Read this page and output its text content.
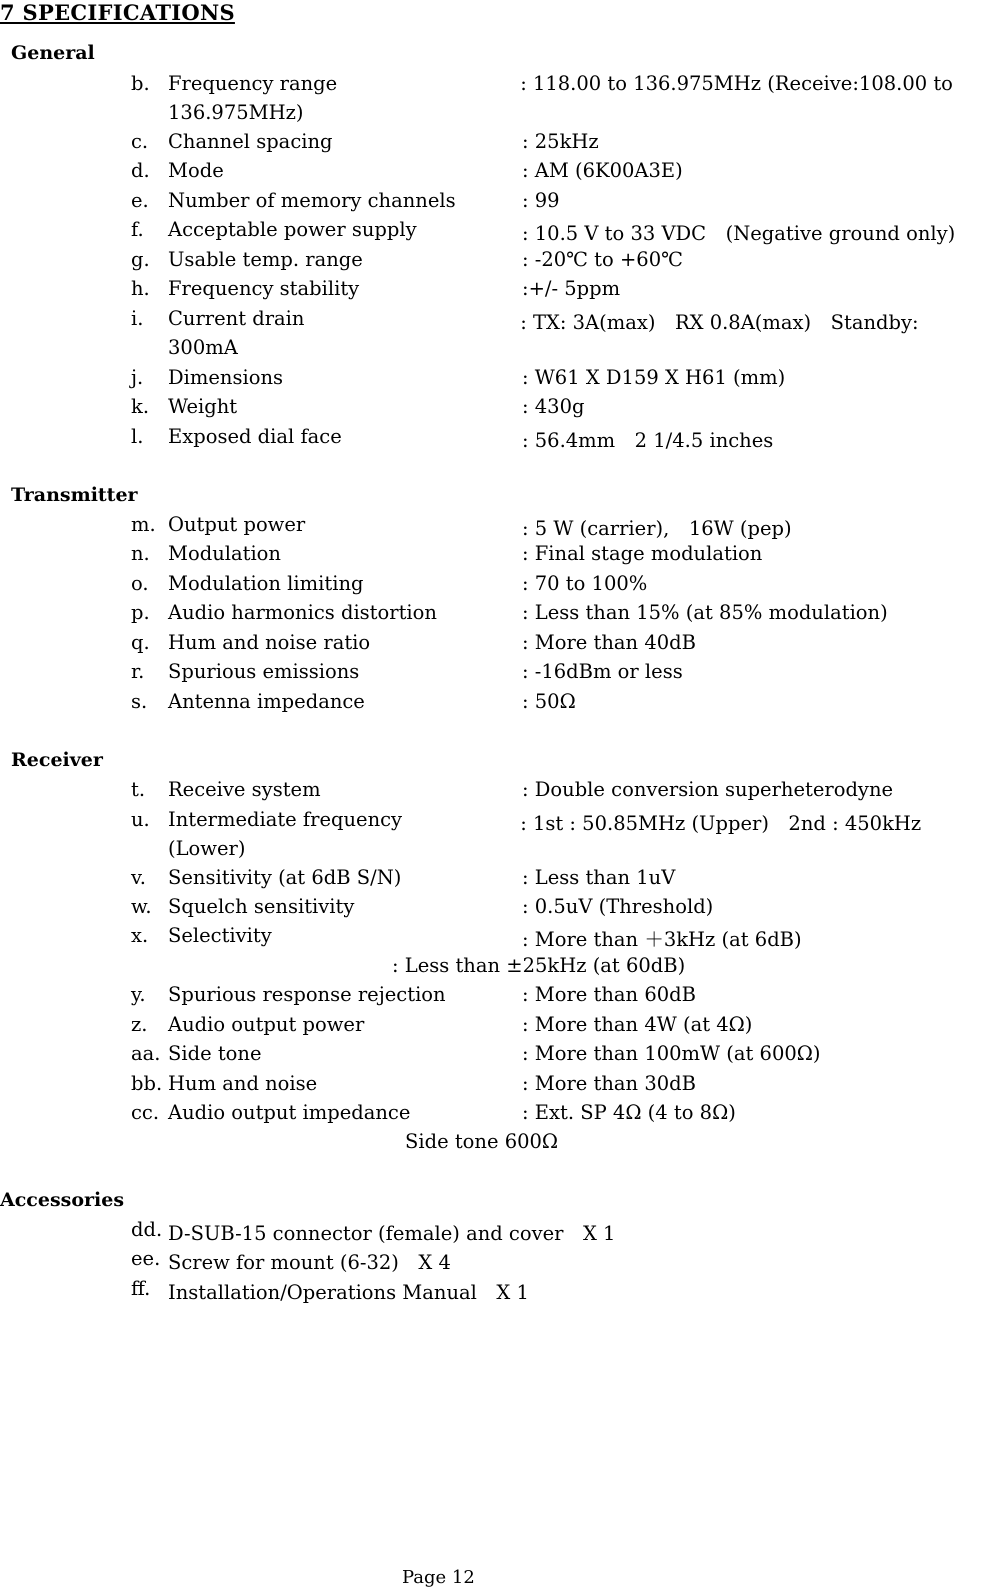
7 SPECIFICATIONS
General
b. Frequency range	: 118.00 to 136.975MHz (Receive:108.00 to
136.975MHz)
c. Channel spacing	: 25kHz
d. Mode	: AM (6K00A3E)
e. Number of memory channels	: 99
f. Acceptable power supply	: 10.5 V to 33 VDC　(Negative ground only)
g. Usable temp. range	: -20℃ to +60℃
h. Frequency stability	:+/- 5ppm
i. Current drain	: TX: 3A(max)　RX 0.8A(max)　Standby:
300mA
j. Dimensions	: W61 X D159 X H61 (mm)
k. Weight	: 430g
l. Exposed dial face	: 56.4mm　2 1/4.5 inches
Transmitter
m. Output power	: 5 W (carrier),　16W (pep)
n. Modulation	: Final stage modulation
o. Modulation limiting	: 70 to 100%
p. Audio harmonics distortion	: Less than 15% (at 85% modulation)
q. Hum and noise ratio	: More than 40dB
r. Spurious emissions	: -16dBm or less
s. Antenna impedance	: 50Ω
Receiver
t. Receive system	: Double conversion superheterodyne
u. Intermediate frequency	: 1st : 50.85MHz (Upper)　2nd : 450kHz
(Lower)
v. Sensitivity (at 6dB S/N)	: Less than 1uV
w. Squelch sensitivity	: 0.5uV (Threshold)
x. Selectivity	: More than ＋3kHz (at 6dB)
: Less than ±25kHz (at 60dB)
y. Spurious response rejection	: More than 60dB
z. Audio output power	: More than 4W (at 4Ω)
aa. Side tone	: More than 100mW (at 600Ω)
bb. Hum and noise	: More than 30dB
cc. Audio output impedance	: Ext. SP 4Ω (4 to 8Ω)
Side tone 600Ω
Accessories
dd. D-SUB-15 connector (female) and cover　X 1
ee. Screw for mount (6-32)　X 4
ff. Installation/Operations Manual　X 1
Page 12
